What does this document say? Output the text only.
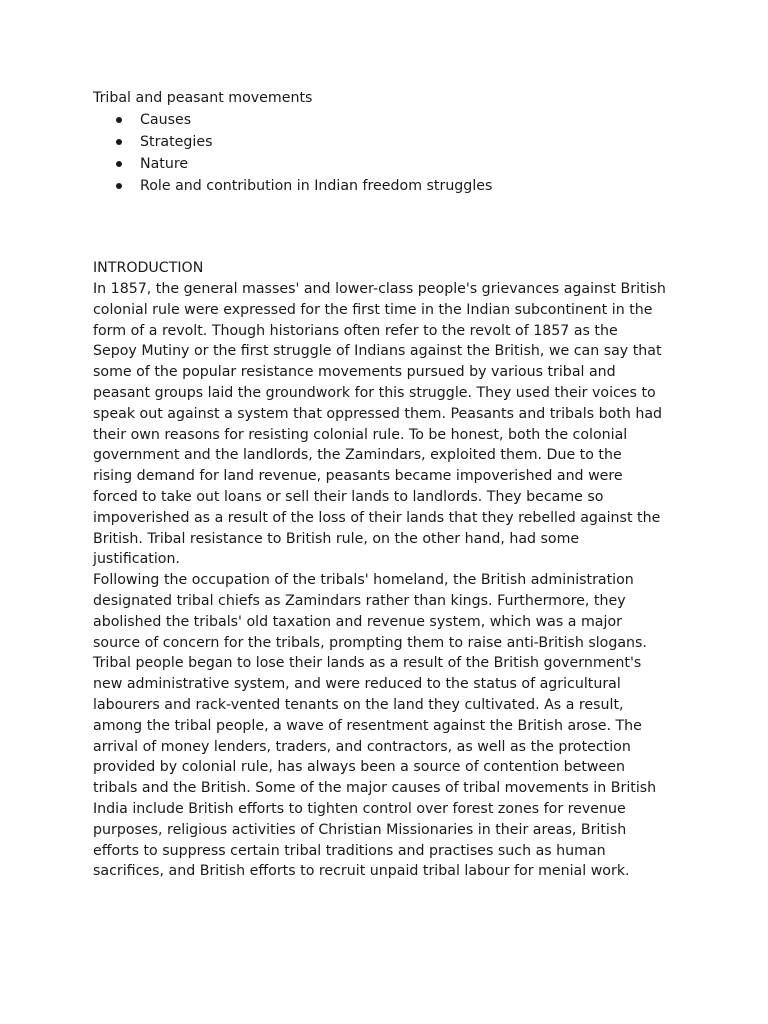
Tribal and peasant movements
Causes
Strategies
Nature
Role and contribution in Indian freedom struggles
INTRODUCTION
In 1857, the general masses' and lower-class people's grievances against British
colonial rule were expressed for the first time in the Indian subcontinent in the
form of a revolt. Though historians often refer to the revolt of 1857 as the
Sepoy Mutiny or the first struggle of Indians against the British, we can say that
some of the popular resistance movements pursued by various tribal and
peasant groups laid the groundwork for this struggle. They used their voices to
speak out against a system that oppressed them. Peasants and tribals both had
their own reasons for resisting colonial rule. To be honest, both the colonial
government and the landlords, the Zamindars, exploited them. Due to the
rising demand for land revenue, peasants became impoverished and were
forced to take out loans or sell their lands to landlords. They became so
impoverished as a result of the loss of their lands that they rebelled against the
British. Tribal resistance to British rule, on the other hand, had some
justification.
Following the occupation of the tribals' homeland, the British administration
designated tribal chiefs as Zamindars rather than kings. Furthermore, they
abolished the tribals' old taxation and revenue system, which was a major
source of concern for the tribals, prompting them to raise anti-British slogans.
Tribal people began to lose their lands as a result of the British government's
new administrative system, and were reduced to the status of agricultural
labourers and rack-vented tenants on the land they cultivated. As a result,
among the tribal people, a wave of resentment against the British arose. The
arrival of money lenders, traders, and contractors, as well as the protection
provided by colonial rule, has always been a source of contention between
tribals and the British. Some of the major causes of tribal movements in British
India include British efforts to tighten control over forest zones for revenue
purposes, religious activities of Christian Missionaries in their areas, British
efforts to suppress certain tribal traditions and practises such as human
sacrifices, and British efforts to recruit unpaid tribal labour for menial work.
